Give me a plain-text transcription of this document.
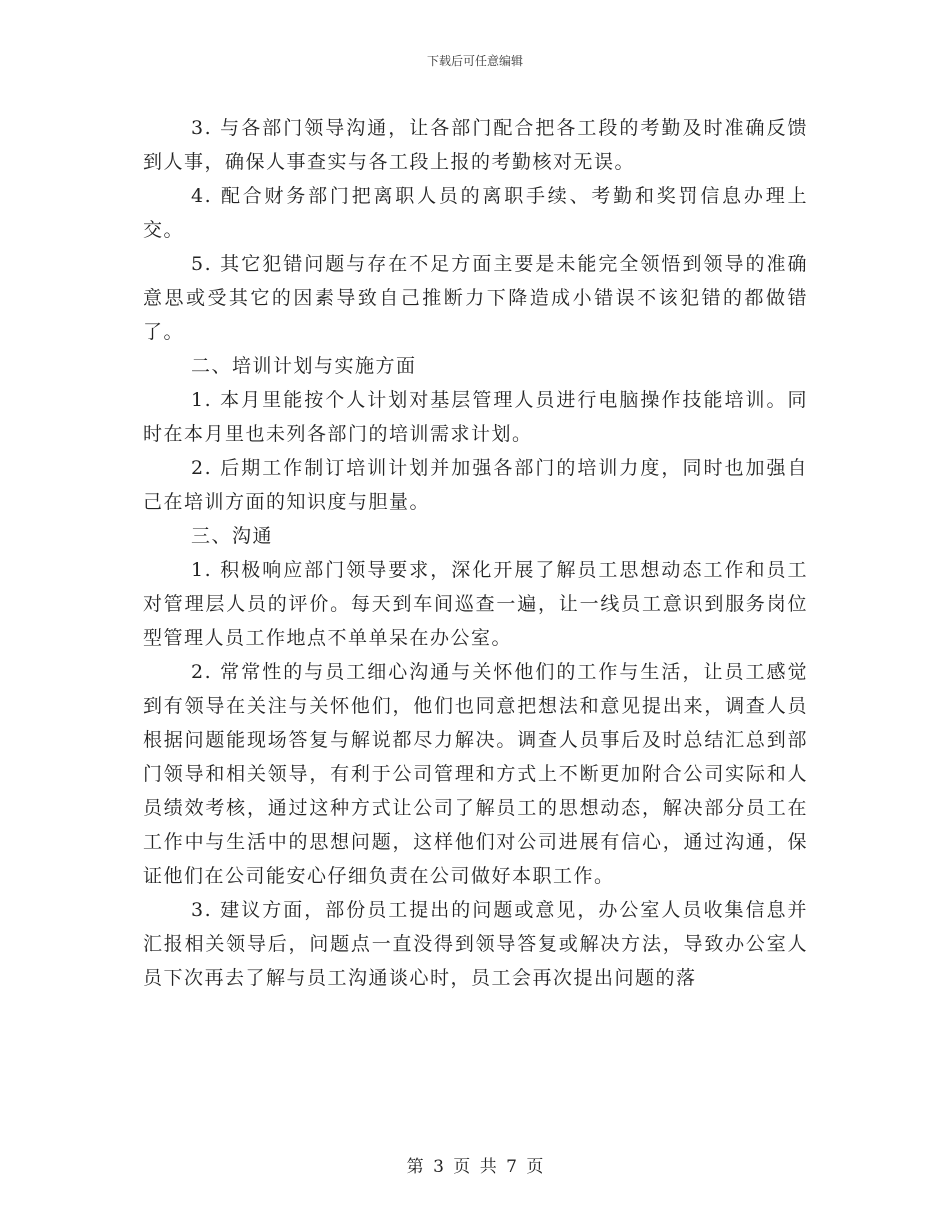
下载后可任意编辑

3. 与各部门领导沟通，让各部门配合把各工段的考勤及时准确反馈到人事，确保人事查实与各工段上报的考勤核对无误。

4. 配合财务部门把离职人员的离职手续、考勤和奖罚信息办理上交。

5. 其它犯错问题与存在不足方面主要是未能完全领悟到领导的准确意思或受其它的因素导致自己推断力下降造成小错误不该犯错的都做错了。

二、培训计划与实施方面

1. 本月里能按个人计划对基层管理人员进行电脑操作技能培训。同时在本月里也未列各部门的培训需求计划。

2. 后期工作制订培训计划并加强各部门的培训力度，同时也加强自己在培训方面的知识度与胆量。

三、沟通

1. 积极响应部门领导要求，深化开展了解员工思想动态工作和员工对管理层人员的评价。每天到车间巡查一遍，让一线员工意识到服务岗位型管理人员工作地点不单单呆在办公室。

2. 常常性的与员工细心沟通与关怀他们的工作与生活，让员工感觉到有领导在关注与关怀他们，他们也同意把想法和意见提出来，调查人员根据问题能现场答复与解说都尽力解决。调查人员事后及时总结汇总到部门领导和相关领导，有利于公司管理和方式上不断更加附合公司实际和人员绩效考核，通过这种方式让公司了解员工的思想动态，解决部分员工在工作中与生活中的思想问题，这样他们对公司进展有信心，通过沟通，保证他们在公司能安心仔细负责在公司做好本职工作。

3. 建议方面，部份员工提出的问题或意见，办公室人员收集信息并汇报相关领导后，问题点一直没得到领导答复或解决方法，导致办公室人员下次再去了解与员工沟通谈心时，员工会再次提出问题的落

第 3 页 共 7 页
